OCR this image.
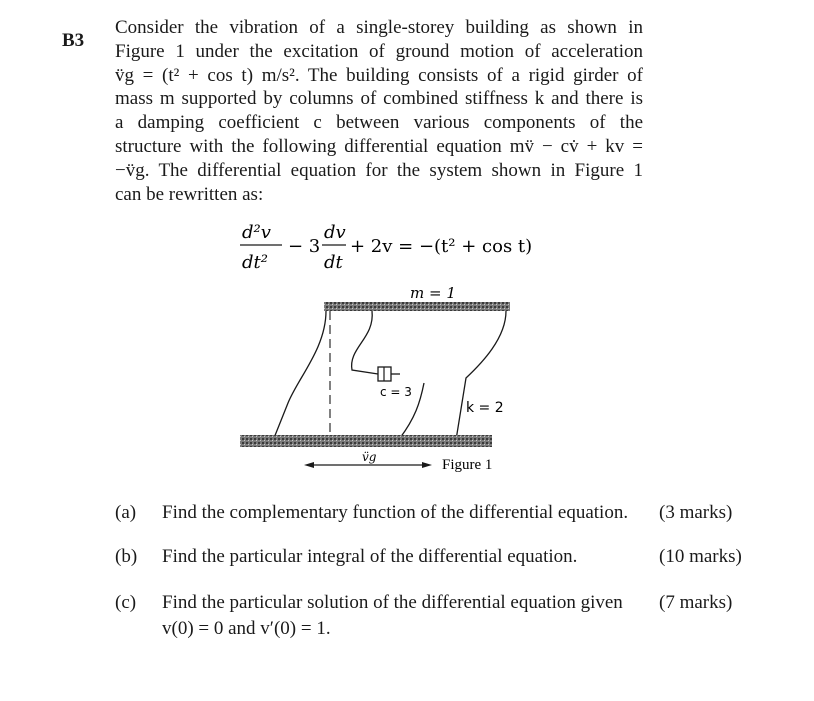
B3
Consider the vibration of a single-storey building as shown in
Figure 1 under the excitation of ground motion of acceleration
v̈g = (t² + cos t) m/s². The building consists of a rigid girder of
mass m supported by columns of combined stiffness k and there is
a damping coefficient c between various components of the
structure with the following differential equation mv̈ − cv̇ + kv =
−v̈g. The differential equation for the system shown in Figure 1
can be rewritten as:
d²v
dt²
− 3
dv
dt
+ 2v = −(t² + cos t)
m = 1
c = 3
k = 2
v̈g	Figure 1
(a) Find the complementary function of the differential equation. (3 marks)
(b) Find the particular integral of the differential equation.	(10 marks)
(c) Find the particular solution of the differential equation given
v(0) = 0 and v′(0) = 1.
(7 marks)
